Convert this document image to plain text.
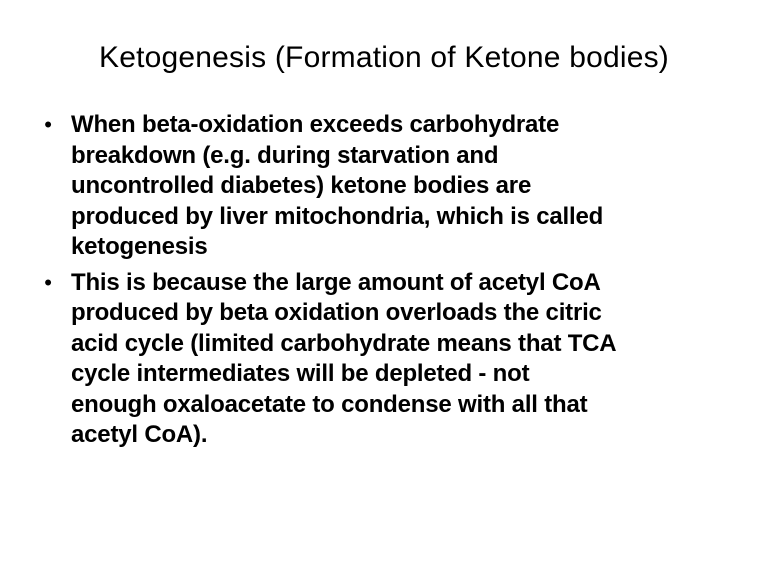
Ketogenesis (Formation of Ketone bodies)
• When beta-oxidation exceeds carbohydrate
breakdown (e.g. during starvation and
uncontrolled diabetes) ketone bodies are
produced by liver mitochondria, which is called
ketogenesis
• This is because the large amount of acetyl CoA
produced by beta oxidation overloads the citric
acid cycle (limited carbohydrate means that TCA
cycle intermediates will be depleted - not
enough oxaloacetate to condense with all that
acetyl CoA).
